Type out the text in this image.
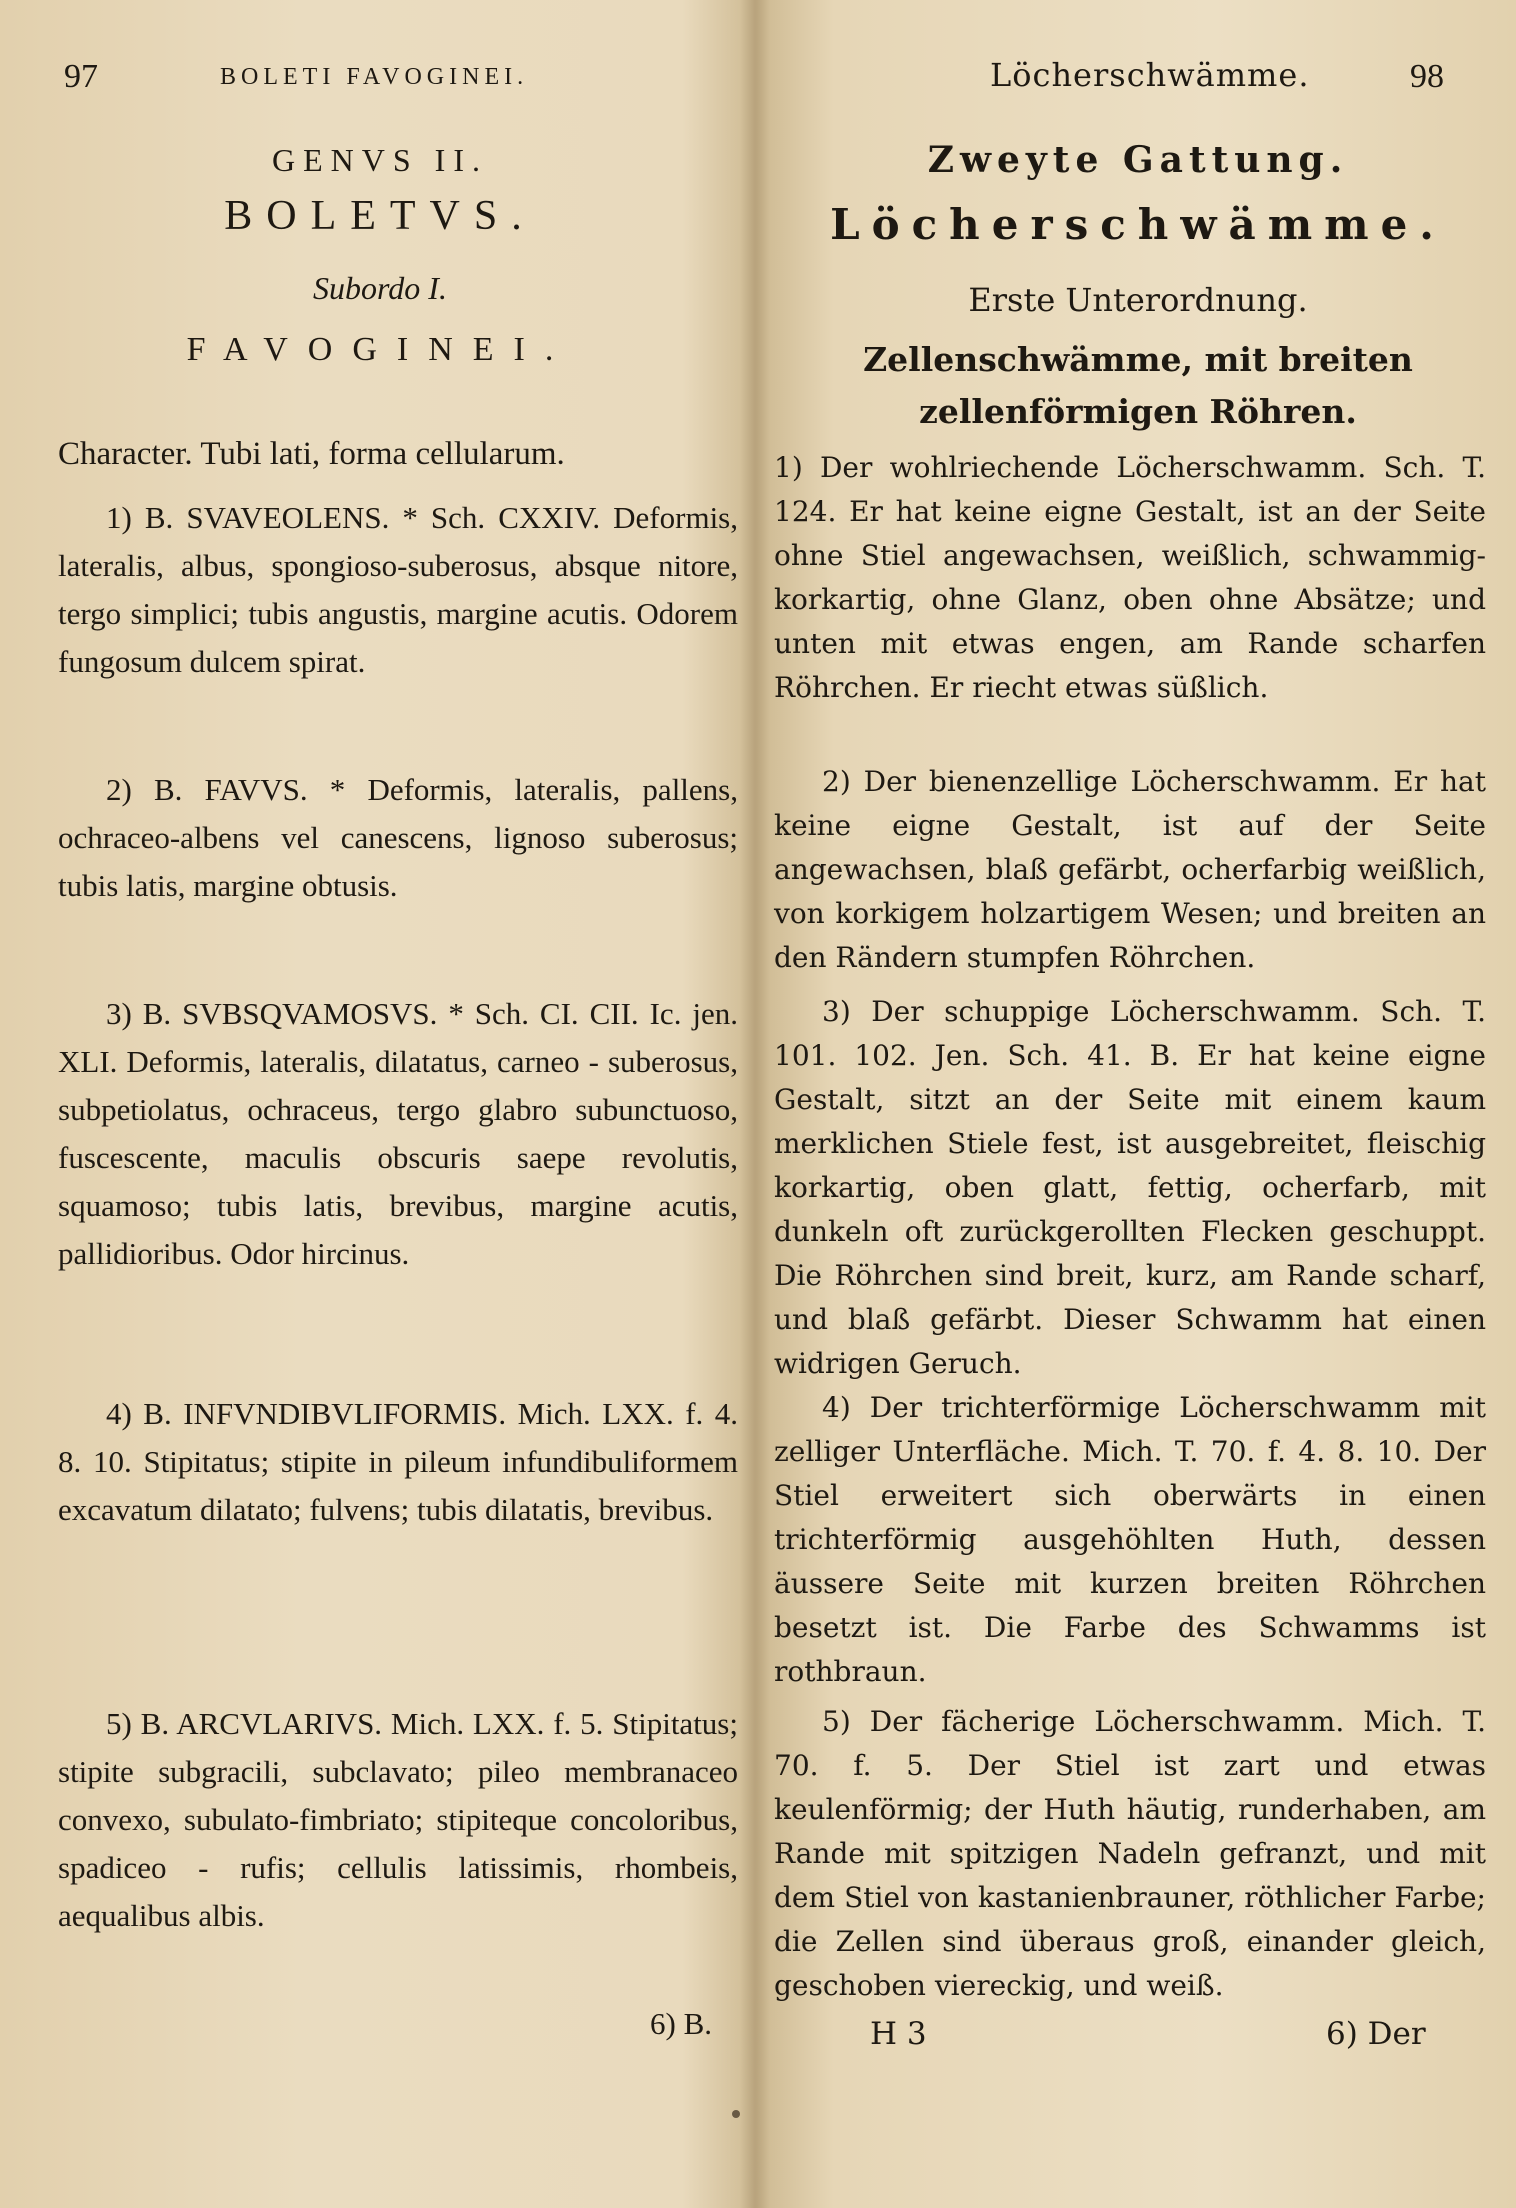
97	BOLETI FAVOGINEI.
GENVS II.
BOLETVS.
Subordo I.
FAVOGINEI.
Character. Tubi lati, forma cellularum.
1) B. SVAVEOLENS. * Sch. CXXIV. Deformis, lateralis, albus, spongioso-suberosus, absque nitore, tergo simplici; tubis angustis, margine acutis. Odorem fungosum dulcem spirat.
2) B. FAVVS. * Deformis, lateralis, pallens, ochraceo-albens vel canescens, lignoso suberosus; tubis latis, margine obtusis.
3) B. SVBSQVAMOSVS. * Sch. CI. CII. Ic. jen. XLI. Deformis, lateralis, dilatatus, carneo - suberosus, subpetiolatus, ochraceus, tergo glabro subunctuoso, fuscescente, maculis obscuris saepe revolutis, squamoso; tubis latis, brevibus, margine acutis, pallidioribus. Odor hircinus.
4) B. INFVNDIBVLIFORMIS. Mich. LXX. f. 4. 8. 10. Stipitatus; stipite in pileum infundibuliformem excavatum dilatato; fulvens; tubis dilatatis, brevibus.
5) B. ARCVLARIVS. Mich. LXX. f. 5. Stipitatus; stipite subgracili, subclavato; pileo membranaceo convexo, subulato-fimbriato; stipiteque concoloribus, spadiceo - rufis; cellulis latissimis, rhombeis, aequalibus albis.
6) B.
Löcherschwämme.	98
Zweyte Gattung.
Löcherschwämme.
Erste Unterordnung.
Zellenschwämme, mit breiten zellenförmigen Röhren.
1) Der wohlriechende Löcherschwamm. Sch. T. 124. Er hat keine eigne Gestalt, ist an der Seite ohne Stiel angewachsen, weißlich, schwammig-korkartig, ohne Glanz, oben ohne Absätze; und unten mit etwas engen, am Rande scharfen Röhrchen. Er riecht etwas süßlich.
2) Der bienenzellige Löcherschwamm. Er hat keine eigne Gestalt, ist auf der Seite angewachsen, blaß gefärbt, ocherfarbig weißlich, von korkigem holzartigem Wesen; und breiten an den Rändern stumpfen Röhrchen.
3) Der schuppige Löcherschwamm. Sch. T. 101. 102. Jen. Sch. 41. B. Er hat keine eigne Gestalt, sitzt an der Seite mit einem kaum merklichen Stiele fest, ist ausgebreitet, fleischig korkartig, oben glatt, fettig, ocherfarb, mit dunkeln oft zurückgerollten Flecken geschuppt. Die Röhrchen sind breit, kurz, am Rande scharf, und blaß gefärbt. Dieser Schwamm hat einen widrigen Geruch.
4) Der trichterförmige Löcherschwamm mit zelliger Unterfläche. Mich. T. 70. f. 4. 8. 10. Der Stiel erweitert sich oberwärts in einen trichterförmig ausgehöhlten Huth, dessen äussere Seite mit kurzen breiten Röhrchen besetzt ist. Die Farbe des Schwamms ist rothbraun.
5) Der fächerige Löcherschwamm. Mich. T. 70. f. 5. Der Stiel ist zart und etwas keulenförmig; der Huth häutig, runderhaben, am Rande mit spitzigen Nadeln gefranzt, und mit dem Stiel von kastanienbrauner, röthlicher Farbe; die Zellen sind überaus groß, einander gleich, geschoben viereckig, und weiß.
H 3	6) Der
